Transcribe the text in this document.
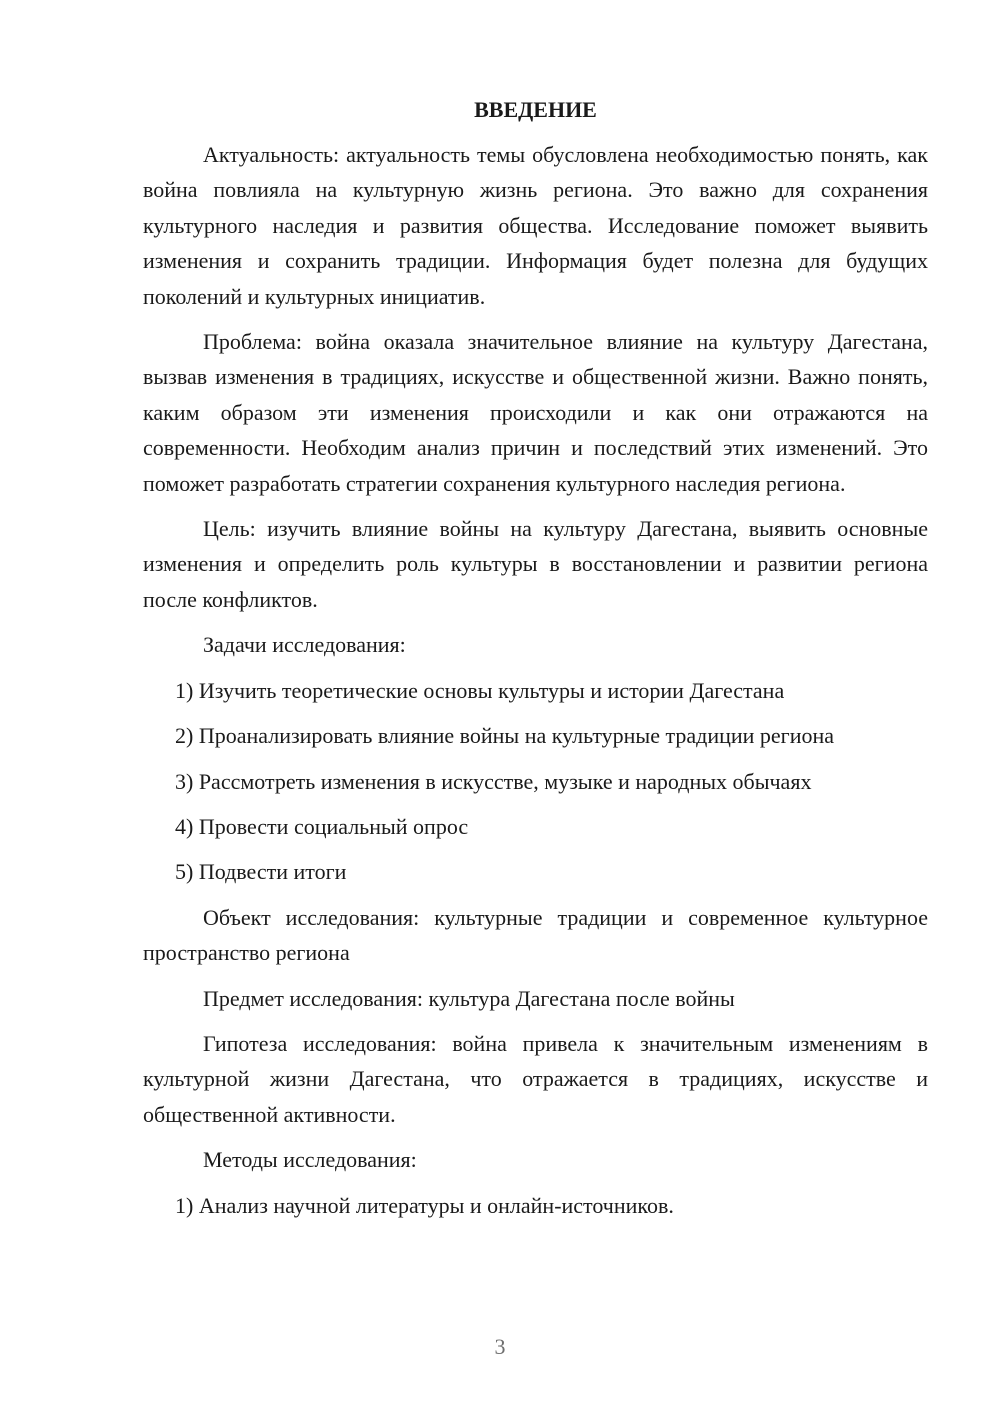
ВВЕДЕНИЕ

Актуальность: актуальность темы обусловлена необходимостью понять, как война повлияла на культурную жизнь региона. Это важно для сохранения культурного наследия и развития общества. Исследование поможет выявить изменения и сохранить традиции. Информация будет полезна для будущих поколений и культурных инициатив.

Проблема: война оказала значительное влияние на культуру Дагестана, вызвав изменения в традициях, искусстве и общественной жизни. Важно понять, каким образом эти изменения происходили и как они отражаются на современности. Необходим анализ причин и последствий этих изменений. Это поможет разработать стратегии сохранения культурного наследия региона.

Цель: изучить влияние войны на культуру Дагестана, выявить основные изменения и определить роль культуры в восстановлении и развитии региона после конфликтов.

Задачи исследования:

1) Изучить теоретические основы культуры и истории Дагестана
2) Проанализировать влияние войны на культурные традиции региона
3) Рассмотреть изменения в искусстве, музыке и народных обычаях
4) Провести социальный опрос
5) Подвести итоги

Объект исследования: культурные традиции и современное культурное пространство региона

Предмет исследования: культура Дагестана после войны

Гипотеза исследования: война привела к значительным изменениям в культурной жизни Дагестана, что отражается в традициях, искусстве и общественной активности.

Методы исследования:

1) Анализ научной литературы и онлайн-источников.
3
